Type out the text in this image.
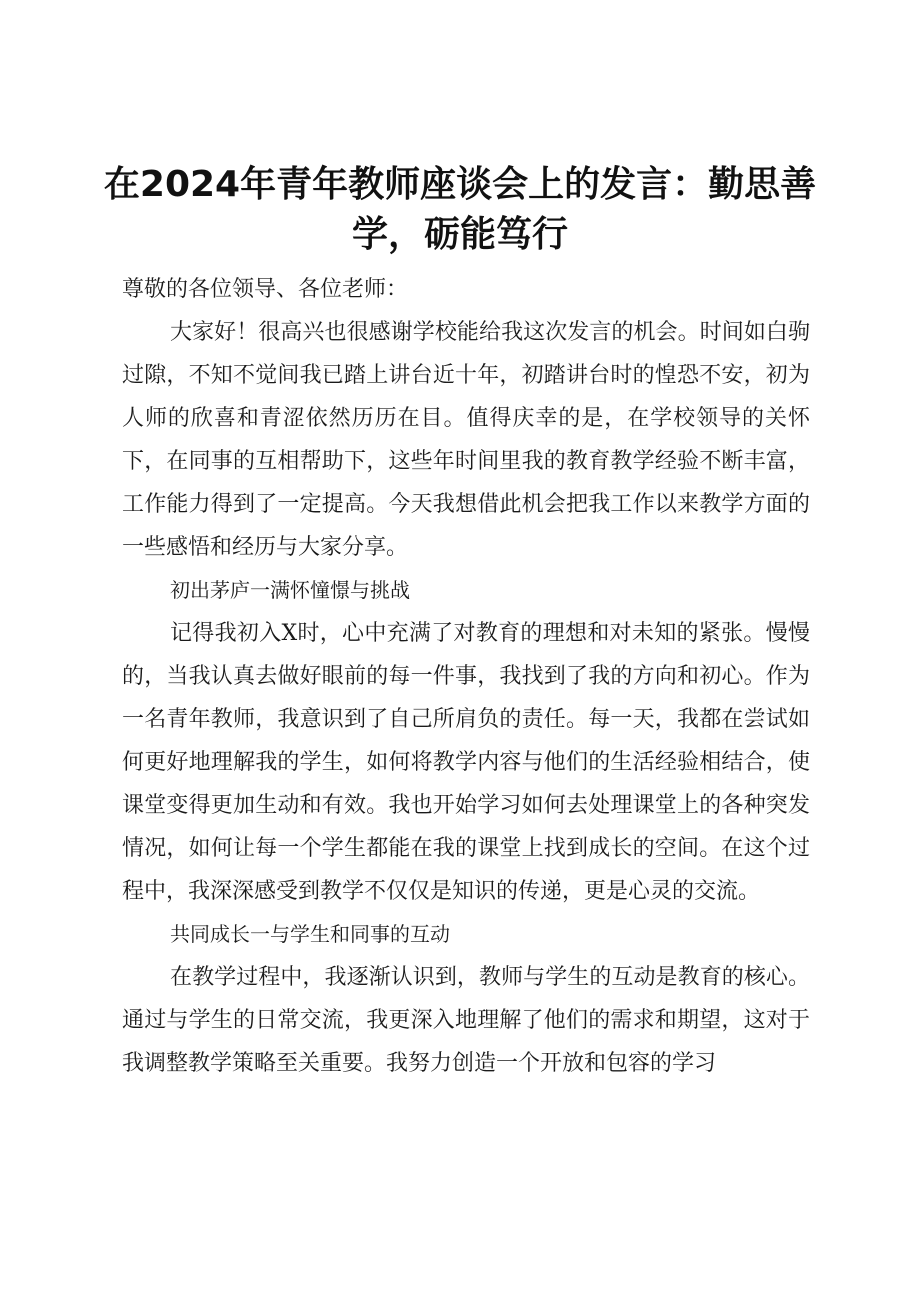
在2024年青年教师座谈会上的发言：勤思善学，砺能笃行

尊敬的各位领导、各位老师：

大家好！很高兴也很感谢学校能给我这次发言的机会。时间如白驹过隙，不知不觉间我已踏上讲台近十年，初踏讲台时的惶恐不安，初为人师的欣喜和青涩依然历历在目。值得庆幸的是，在学校领导的关怀下，在同事的互相帮助下，这些年时间里我的教育教学经验不断丰富，工作能力得到了一定提高。今天我想借此机会把我工作以来教学方面的一些感悟和经历与大家分享。

初出茅庐一满怀憧憬与挑战

记得我初入X时，心中充满了对教育的理想和对未知的紧张。慢慢的，当我认真去做好眼前的每一件事，我找到了我的方向和初心。作为一名青年教师，我意识到了自己所肩负的责任。每一天，我都在尝试如何更好地理解我的学生，如何将教学内容与他们的生活经验相结合，使课堂变得更加生动和有效。我也开始学习如何去处理课堂上的各种突发情况，如何让每一个学生都能在我的课堂上找到成长的空间。在这个过程中，我深深感受到教学不仅仅是知识的传递，更是心灵的交流。

共同成长一与学生和同事的互动

在教学过程中，我逐渐认识到，教师与学生的互动是教育的核心。通过与学生的日常交流，我更深入地理解了他们的需求和期望，这对于我调整教学策略至关重要。我努力创造一个开放和包容的学习
